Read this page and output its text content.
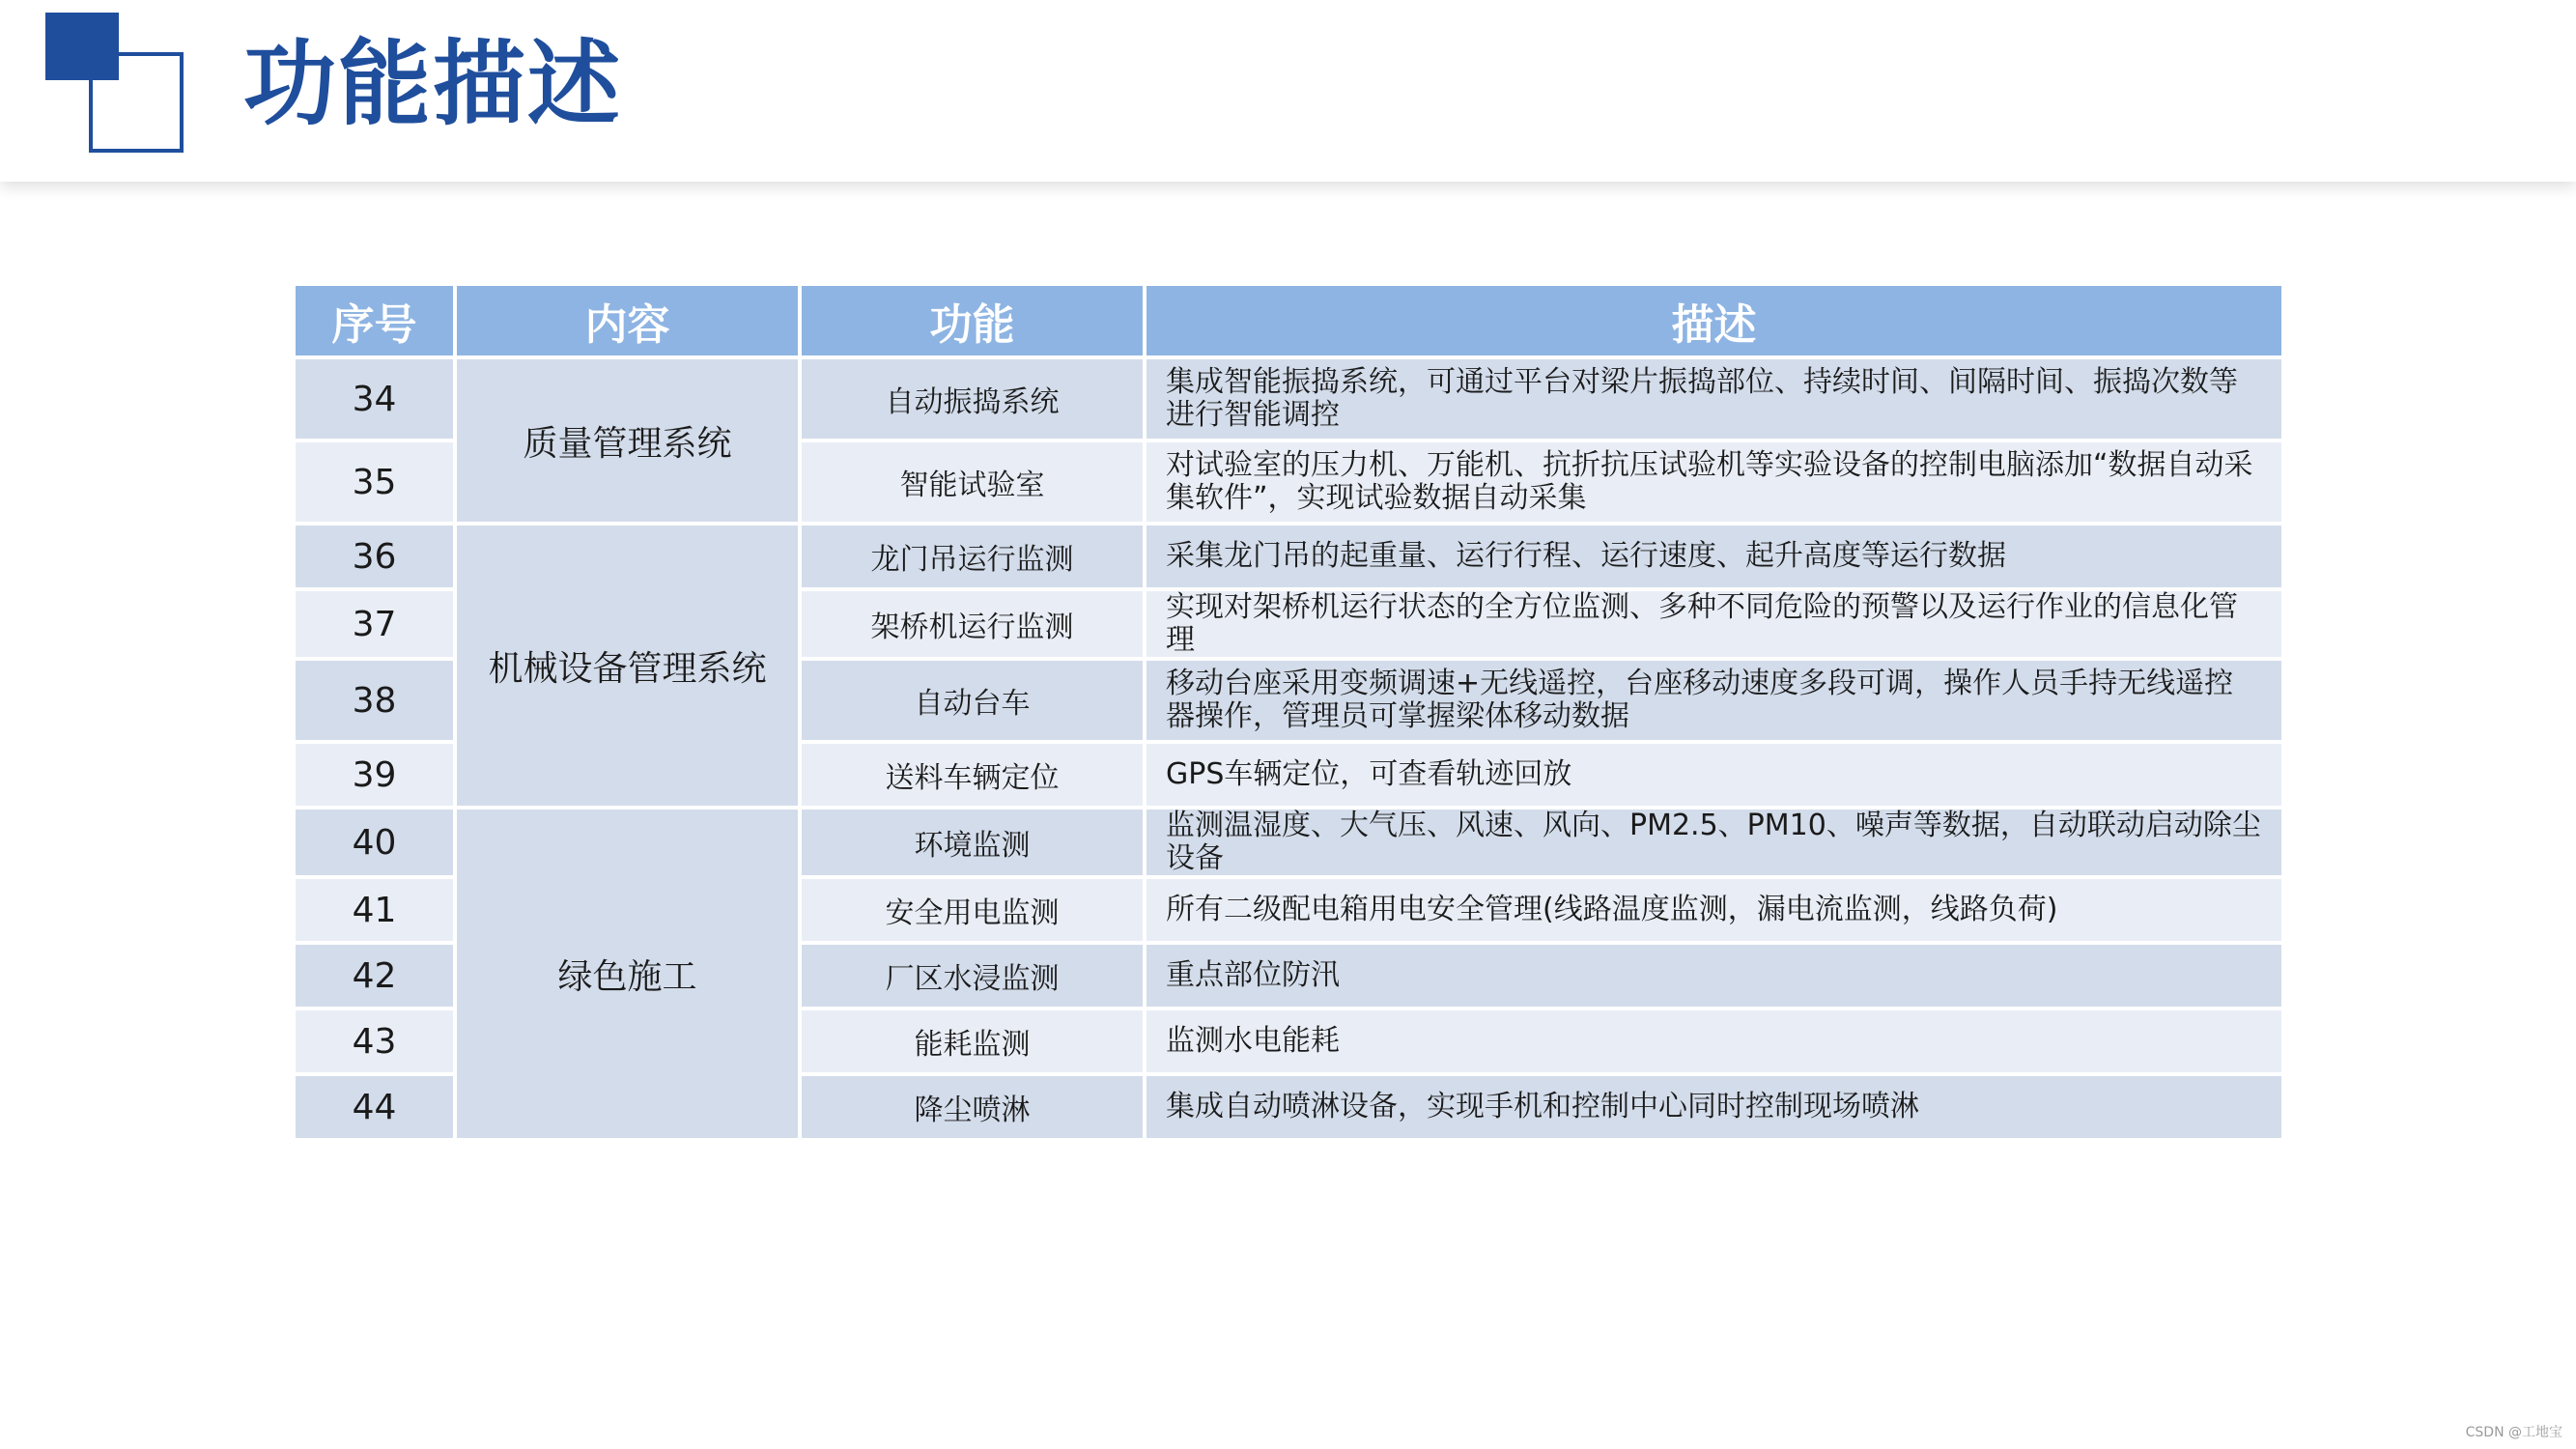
功能描述
序号	内容	功能	描述
34	质量管理系统	自动振捣系统	集成智能振捣系统，可通过平台对梁片振捣部位、持续时间、间隔时间、振捣次数等进行智能调控
35		智能试验室	对试验室的压力机、万能机、抗折抗压试验机等实验设备的控制电脑添加“数据自动采集软件”，实现试验数据自动采集
36	机械设备管理系统	龙门吊运行监测	采集龙门吊的起重量、运行行程、运行速度、起升高度等运行数据
37		架桥机运行监测	实现对架桥机运行状态的全方位监测、多种不同危险的预警以及运行作业的信息化管理
38		自动台车	移动台座采用变频调速+无线遥控，台座移动速度多段可调，操作人员手持无线遥控器操作，管理员可掌握梁体移动数据
39		送料车辆定位	GPS车辆定位，可查看轨迹回放
40	绿色施工	环境监测	监测温湿度、大气压、风速、风向、PM2.5、PM10、噪声等数据，自动联动启动除尘设备
41		安全用电监测	所有二级配电箱用电安全管理(线路温度监测，漏电流监测，线路负荷)
42		厂区水浸监测	重点部位防汛
43		能耗监测	监测水电能耗
44		降尘喷淋	集成自动喷淋设备，实现手机和控制中心同时控制现场喷淋
CSDN @工地宝
